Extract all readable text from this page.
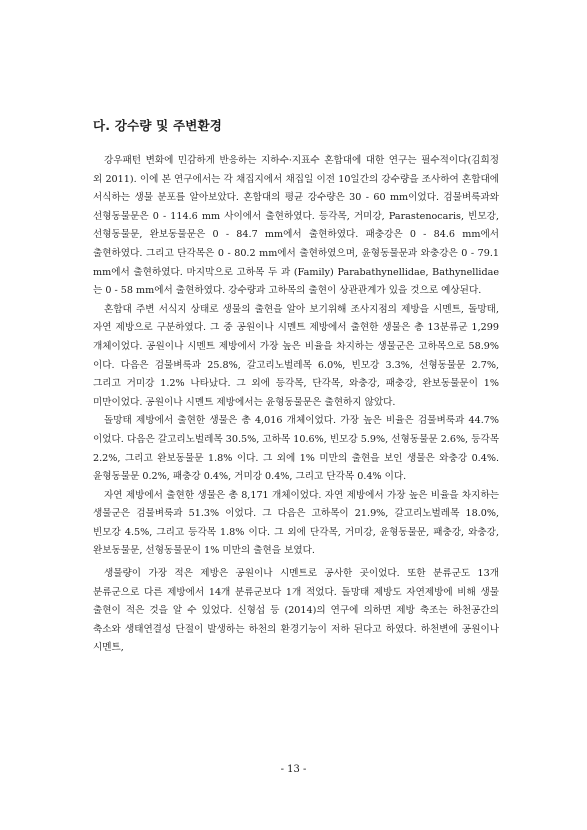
다. 강수량 및 주변환경

강우패턴 변화에 민감하게 반응하는 지하수·지표수 혼합대에 대한 연구는 필수적이다(김희정 외 2011). 이에 본 연구에서는 각 채집지에서 채집일 이전 10일간의 강수량을 조사하여 혼합대에 서식하는 생물 분포를 알아보았다. 혼합대의 평균 강수량은 30 - 60 mm이었다. 검물벼룩과와 선형동물문은 0 - 114.6 mm 사이에서 출현하였다. 등각목, 거미강, Parastenocaris, 빈모강, 선형동물문, 완보동물문은 0 - 84.7 mm에서 출현하였다. 패충강은 0 - 84.6 mm에서 출현하였다. 그리고 단각목은 0 - 80.2 mm에서 출현하였으며, 윤형동물문과 와충강은 0 - 79.1 mm에서 출현하였다. 마지막으로 고하목 두 과 (Family) Parabathynellidae, Bathynellidae 는 0 - 58 mm에서 출현하였다. 강수량과 고하목의 출현이 상관관계가 있을 것으로 예상된다.

혼합대 주변 서식지 상태로 생물의 출현을 알아 보기위해 조사지점의 제방을 시멘트, 돌망태, 자연 제방으로 구분하였다. 그 중 공원이나 시멘트 제방에서 출현한 생물은 총 13분류군 1,299 개체이었다. 공원이나 시멘트 제방에서 가장 높은 비율을 차지하는 생물군은 고하목으로 58.9%이다. 다음은 검물벼룩과 25.8%, 갈고리노벌레목 6.0%, 빈모강 3.3%, 선형동물문 2.7%, 그리고 거미강 1.2% 나타났다. 그 외에 등각목, 단각목, 와충강, 패충강, 완보동물문이 1%미만이었다. 공원이나 시멘트 제방에서는 윤형동물문은 출현하지 않았다.

돌망태 제방에서 출현한 생물은 총 4,016 개체이었다. 가장 높은 비율은 검물벼룩과 44.7% 이었다. 다음은 갈고리노벌레목 30.5%, 고하목 10.6%, 빈모강 5.9%, 선형동물문 2.6%, 등각목 2.2%, 그리고 완보동물문 1.8% 이다. 그 외에 1% 미만의 출현을 보인 생물은 와충강 0.4%. 윤형동물문 0.2%, 패충강 0.4%, 거미강 0.4%, 그리고 단각목 0.4% 이다.

자연 제방에서 출현한 생물은 총 8,171 개체이었다. 자연 제방에서 가장 높은 비율을 차지하는 생물군은 검물벼룩과 51.3% 이었다. 그 다음은 고하목이 21.9%, 갈고리노벌레목 18.0%, 빈모강 4.5%, 그리고 등각목 1.8% 이다. 그 외에 단각목, 거미강, 윤형동물문, 패충강, 와충강, 완보동물문, 선형동물문이 1% 미만의 출현을 보였다.

생물량이 가장 적은 제방은 공원이나 시멘트로 공사한 곳이었다. 또한 분류군도 13개 분류군으로 다른 제방에서 14개 분류군보다 1개 적었다. 돌망태 제방도 자연제방에 비해 생물 출현이 적은 것을 알 수 있었다. 신형섭 등 (2014)의 연구에 의하면 제방 축조는 하천공간의 축소와 생태연결성 단절이 발생하는 하천의 환경기능이 저하 된다고 하였다. 하천변에 공원이나 시멘트,

- 13 -
